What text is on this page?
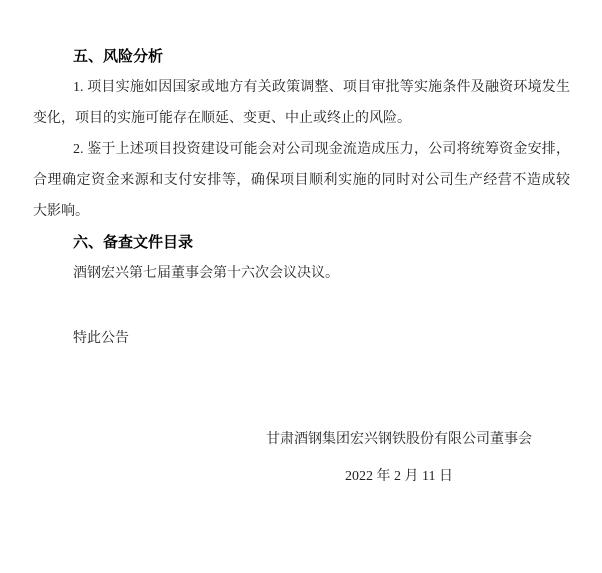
五、风险分析
1. 项目实施如因国家或地方有关政策调整、项目审批等实施条件及融资环境发生
变化，项目的实施可能存在顺延、变更、中止或终止的风险。
2. 鉴于上述项目投资建设可能会对公司现金流造成压力，公司将统筹资金安排，
合理确定资金来源和支付安排等，确保项目顺利实施的同时对公司生产经营不造成较
大影响。
六、备查文件目录
酒钢宏兴第七届董事会第十六次会议决议。
特此公告
甘肃酒钢集团宏兴钢铁股份有限公司董事会
2022 年 2 月 11 日
